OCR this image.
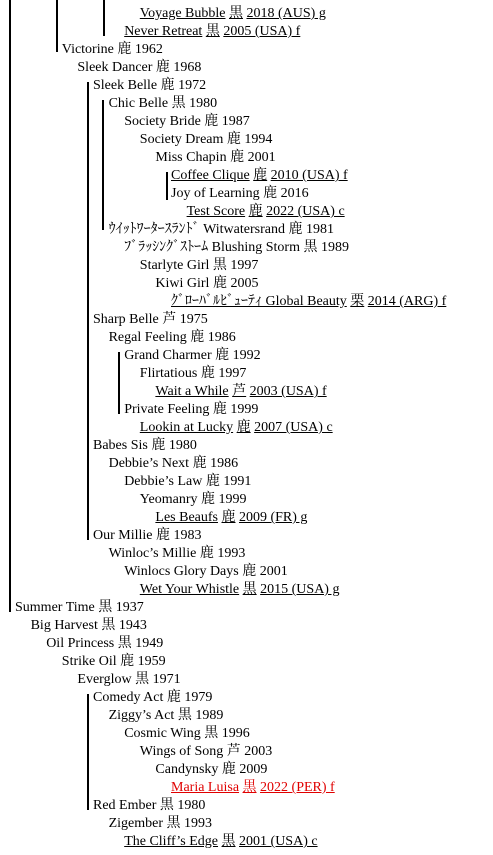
Voyage Bubble 黒 2018 (AUS) g
Never Retreat 黒 2005 (USA) f
Victorine 鹿 1962
Sleek Dancer 鹿 1968
Sleek Belle 鹿 1972
Chic Belle 黒 1980
Society Bride 鹿 1987
Society Dream 鹿 1994
Miss Chapin 鹿 2001
Coffee Clique 鹿 2010 (USA) f
Joy of Learning 鹿 2016
Test Score 鹿 2022 (USA) c
ｳｲｯﾄﾜｰﾀｰｽﾗﾝﾄﾞ Witwatersrand 鹿 1981
ﾌﾞﾗｯｼﾝｸﾞｽﾄｰﾑ Blushing Storm 黒 1989
Starlyte Girl 黒 1997
Kiwi Girl 鹿 2005
ｸﾞﾛｰﾊﾞﾙﾋﾞｭｰﾃｨ Global Beauty 栗 2014 (ARG) f
Sharp Belle 芦 1975
Regal Feeling 鹿 1986
Grand Charmer 鹿 1992
Flirtatious 鹿 1997
Wait a While 芦 2003 (USA) f
Private Feeling 鹿 1999
Lookin at Lucky 鹿 2007 (USA) c
Babes Sis 鹿 1980
Debbie’s Next 鹿 1986
Debbie’s Law 鹿 1991
Yeomanry 鹿 1999
Les Beaufs 鹿 2009 (FR) g
Our Millie 鹿 1983
Winloc’s Millie 鹿 1993
Winlocs Glory Days 鹿 2001
Wet Your Whistle 黒 2015 (USA) g
Summer Time 黒 1937
Big Harvest 黒 1943
Oil Princess 黒 1949
Strike Oil 鹿 1959
Everglow 黒 1971
Comedy Act 鹿 1979
Ziggy’s Act 黒 1989
Cosmic Wing 黒 1996
Wings of Song 芦 2003
Candynsky 鹿 2009
Maria Luisa 黒 2022 (PER) f
Red Ember 黒 1980
Zigember 黒 1993
The Cliff’s Edge 黒 2001 (USA) c
